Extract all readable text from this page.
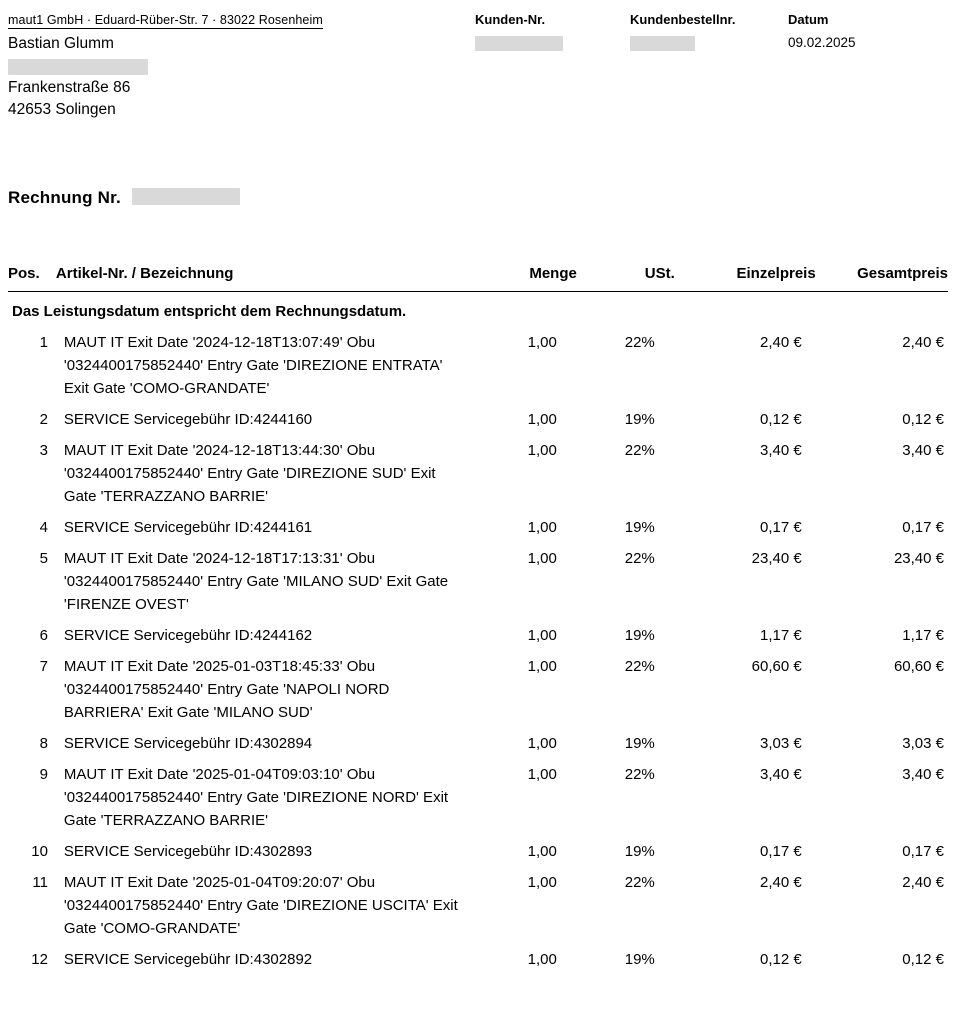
maut1 GmbH · Eduard-Rüber-Str. 7 · 83022 Rosenheim
Bastian Glumm
Frankenstraße 86
42653 Solingen
Kunden-Nr.	Kundenbestellnr.	Datum
09.02.2025
Rechnung Nr.
Pos.	Artikel-Nr. / Bezeichnung	Menge	USt.	Einzelpreis	Gesamtpreis
Das Leistungsdatum entspricht dem Rechnungsdatum.					
1	MAUT IT Exit Date '2024-12-18T13:07:49' Obu '0324400175852440' Entry Gate 'DIREZIONE ENTRATA' Exit Gate 'COMO-GRANDATE'	1,00	22%	2,40 €	2,40 €
2	SERVICE Servicegebühr ID:4244160	1,00	19%	0,12 €	0,12 €
3	MAUT IT Exit Date '2024-12-18T13:44:30' Obu '0324400175852440' Entry Gate 'DIREZIONE SUD' Exit Gate 'TERRAZZANO BARRIE'	1,00	22%	3,40 €	3,40 €
4	SERVICE Servicegebühr ID:4244161	1,00	19%	0,17 €	0,17 €
5	MAUT IT Exit Date '2024-12-18T17:13:31' Obu '0324400175852440' Entry Gate 'MILANO SUD' Exit Gate 'FIRENZE OVEST'	1,00	22%	23,40 €	23,40 €
6	SERVICE Servicegebühr ID:4244162	1,00	19%	1,17 €	1,17 €
7	MAUT IT Exit Date '2025-01-03T18:45:33' Obu '0324400175852440' Entry Gate 'NAPOLI NORD BARRIERA' Exit Gate 'MILANO SUD'	1,00	22%	60,60 €	60,60 €
8	SERVICE Servicegebühr ID:4302894	1,00	19%	3,03 €	3,03 €
9	MAUT IT Exit Date '2025-01-04T09:03:10' Obu '0324400175852440' Entry Gate 'DIREZIONE NORD' Exit Gate 'TERRAZZANO BARRIE'	1,00	22%	3,40 €	3,40 €
10	SERVICE Servicegebühr ID:4302893	1,00	19%	0,17 €	0,17 €
11	MAUT IT Exit Date '2025-01-04T09:20:07' Obu '0324400175852440' Entry Gate 'DIREZIONE USCITA' Exit Gate 'COMO-GRANDATE'	1,00	22%	2,40 €	2,40 €
12	SERVICE Servicegebühr ID:4302892	1,00	19%	0,12 €	0,12 €
